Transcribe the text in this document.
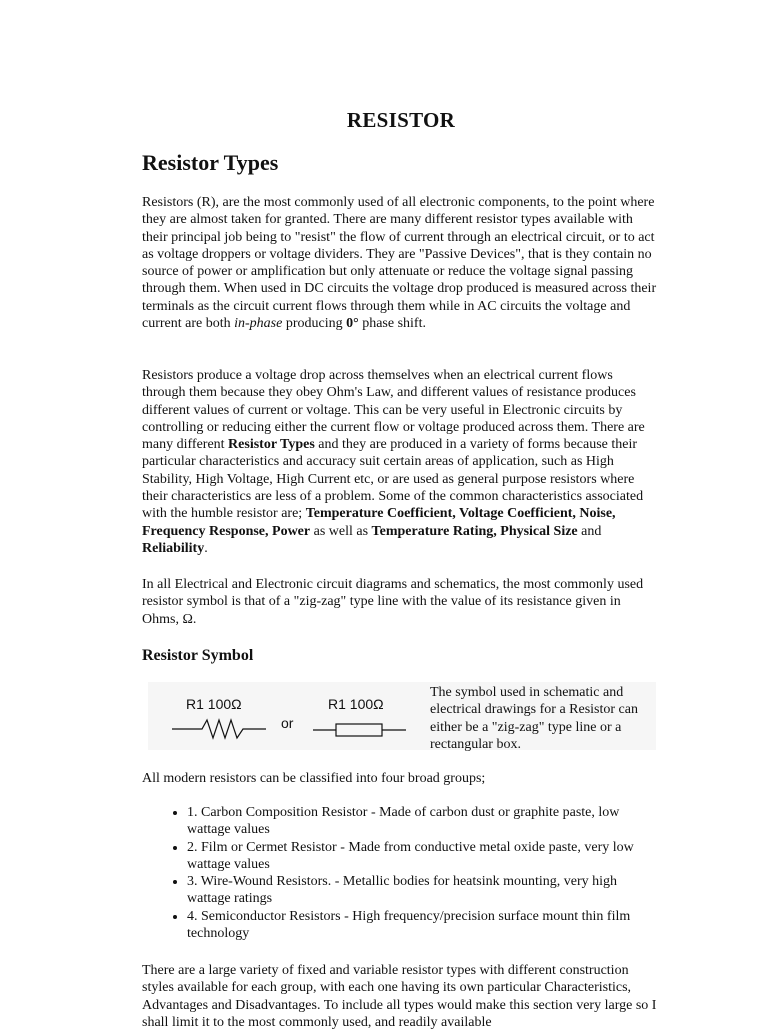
RESISTOR
Resistor Types

Resistors (R), are the most commonly used of all electronic components, to the point where they are almost taken for granted. There are many different resistor types available with their principal job being to "resist" the flow of current through an electrical circuit, or to act as voltage droppers or voltage dividers. They are "Passive Devices", that is they contain no source of power or amplification but only attenuate or reduce the voltage signal passing through them. When used in DC circuits the voltage drop produced is measured across their terminals as the circuit current flows through them while in AC circuits the voltage and current are both in-phase producing 0° phase shift.

Resistors produce a voltage drop across themselves when an electrical current flows through them because they obey Ohm's Law, and different values of resistance produces different values of current or voltage. This can be very useful in Electronic circuits by controlling or reducing either the current flow or voltage produced across them. There are many different Resistor Types and they are produced in a variety of forms because their particular characteristics and accuracy suit certain areas of application, such as High Stability, High Voltage, High Current etc, or are used as general purpose resistors where their characteristics are less of a problem. Some of the common characteristics associated with the humble resistor are; Temperature Coefficient, Voltage Coefficient, Noise, Frequency Response, Power as well as Temperature Rating, Physical Size and Reliability.

In all Electrical and Electronic circuit diagrams and schematics, the most commonly used resistor symbol is that of a "zig-zag" type line with the value of its resistance given in Ohms, Ω.

Resistor Symbol
R1 100Ω
or
R1 100Ω

The symbol used in schematic and electrical drawings for a Resistor can either be a "zig-zag" type line or a rectangular box.

All modern resistors can be classified into four broad groups;

• 1. Carbon Composition Resistor - Made of carbon dust or graphite paste, low wattage values
• 2. Film or Cermet Resistor - Made from conductive metal oxide paste, very low wattage values
• 3. Wire-Wound Resistors. - Metallic bodies for heatsink mounting, very high wattage ratings
• 4. Semiconductor Resistors - High frequency/precision surface mount thin film technology

There are a large variety of fixed and variable resistor types with different construction styles available for each group, with each one having its own particular Characteristics, Advantages and Disadvantages. To include all types would make this section very large so I shall limit it to the most commonly used, and readily available
